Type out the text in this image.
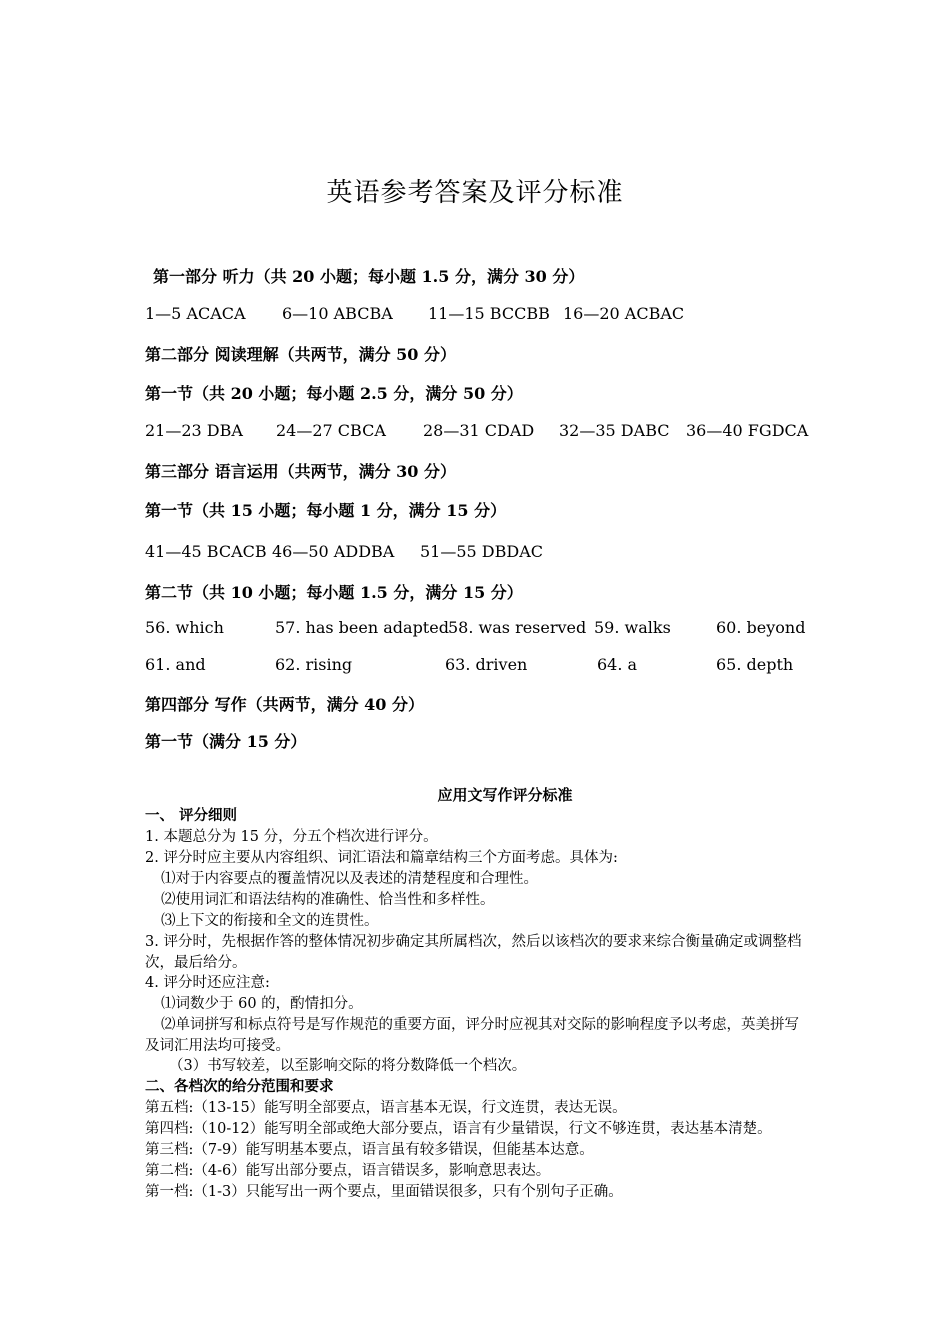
英语参考答案及评分标准
第一部分 听力（共 20 小题；每小题 1.5 分，满分 30 分）
1—5 ACACA 6—10 ABCBA 11—15 BCCBB 16—20 ACBAC
第二部分 阅读理解（共两节，满分 50 分）
第一节（共 20 小题；每小题 2.5 分，满分 50 分）
21—23 DBA 24—27 CBCA 28—31 CDAD 32—35 DABC 36—40 FGDCA
第三部分 语言运用（共两节，满分 30 分）
第一节（共 15 小题；每小题 1 分，满分 15 分）
41—45 BCACB 46—50 ADDBA 51—55 DBDAC
第二节（共 10 小题；每小题 1.5 分，满分 15 分）
56. which	57. has been adapted 58. was reserved 59. walks	60. beyond
61. and	62. rising	63. driven	64. a	65. depth
第四部分 写作（共两节，满分 40 分）
第一节（满分 15 分）
应用文写作评分标准
一、 评分细则
1. 本题总分为 15 分，分五个档次进行评分。
2. 评分时应主要从内容组织、词汇语法和篇章结构三个方面考虑。具体为:
⑴对于内容要点的覆盖情况以及表述的清楚程度和合理性。
⑵使用词汇和语法结构的准确性、恰当性和多样性。
⑶上下文的衔接和全文的连贯性。
3. 评分时，先根据作答的整体情况初步确定其所属档次，然后以该档次的要求来综合衡量确定或调整档次，最后给分。
4. 评分时还应注意:
⑴词数少于 60 的，酌情扣分。
⑵单词拼写和标点符号是写作规范的重要方面，评分时应视其对交际的影响程度予以考虑，英美拼写及词汇用法均可接受。
（3）书写较差，以至影响交际的将分数降低一个档次。
二、各档次的给分范围和要求
第五档:（13-15）能写明全部要点，语言基本无误，行文连贯，表达无误。
第四档:（10-12）能写明全部或绝大部分要点，语言有少量错误，行文不够连贯，表达基本清楚。
第三档:（7-9）能写明基本要点，语言虽有较多错误，但能基本达意。
第二档:（4-6）能写出部分要点，语言错误多，影响意思表达。
第一档:（1-3）只能写出一两个要点，里面错误很多，只有个别句子正确。
